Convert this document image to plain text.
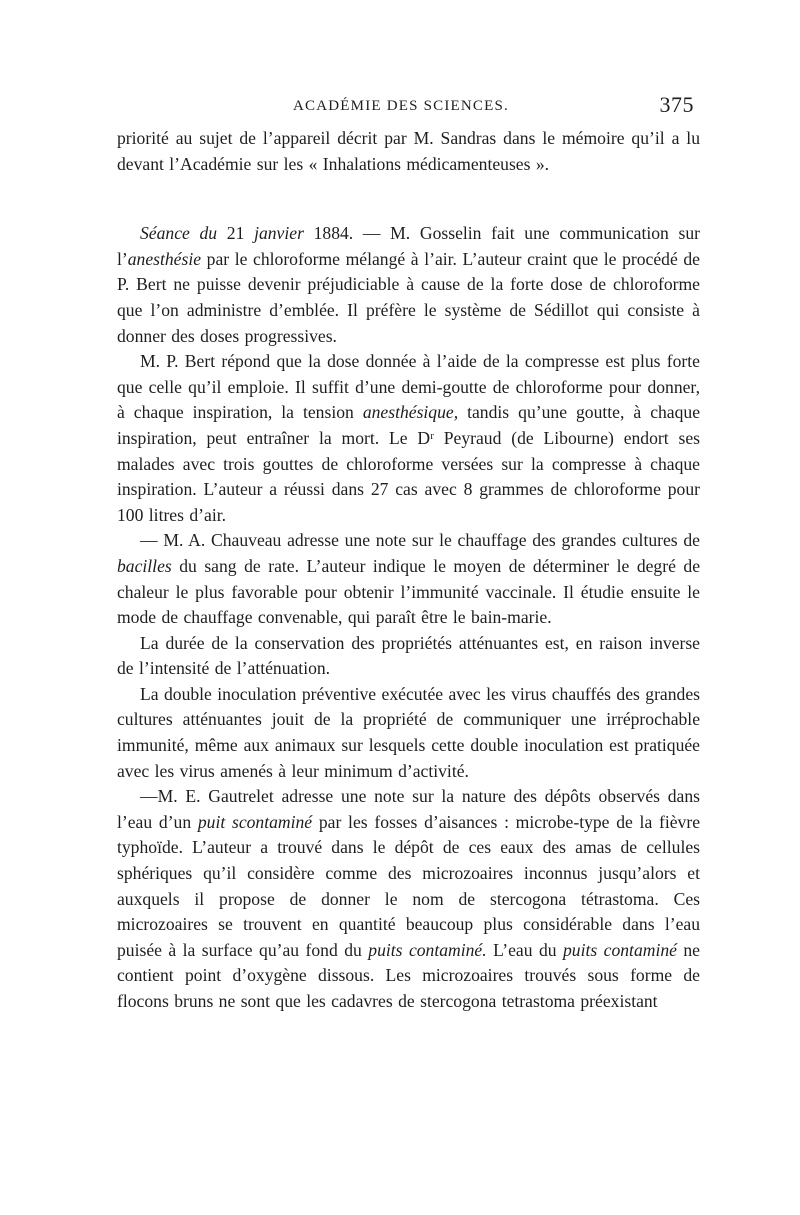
ACADÉMIE DES SCIENCES.	375

priorité au sujet de l’appareil décrit par M. Sandras dans le mémoire qu’il a lu devant l’Académie sur les « Inhalations médicamenteuses ».

Séance du 21 janvier 1884. — M. Gosselin fait une communication sur l’anesthésie par le chloroforme mélangé à l’air. L’auteur craint que le procédé de P. Bert ne puisse devenir préjudiciable à cause de la forte dose de chloroforme que l’on administre d’emblée. Il préfère le système de Sédillot qui consiste à donner des doses progressives.

M. P. Bert répond que la dose donnée à l’aide de la compresse est plus forte que celle qu’il emploie. Il suffit d’une demi-goutte de chloroforme pour donner, à chaque inspiration, la tension anesthésique, tandis qu’une goutte, à chaque inspiration, peut entraîner la mort. Le Dʳ Peyraud (de Libourne) endort ses malades avec trois gouttes de chloroforme versées sur la compresse à chaque inspiration. L’auteur a réussi dans 27 cas avec 8 grammes de chloroforme pour 100 litres d’air.

— M. A. Chauveau adresse une note sur le chauffage des grandes cultures de bacilles du sang de rate. L’auteur indique le moyen de déterminer le degré de chaleur le plus favorable pour obtenir l’immunité vaccinale. Il étudie ensuite le mode de chauffage convenable, qui paraît être le bain-marie.

La durée de la conservation des propriétés atténuantes est, en raison inverse de l’intensité de l’atténuation.

La double inoculation préventive exécutée avec les virus chauffés des grandes cultures atténuantes jouit de la propriété de communiquer une irréprochable immunité, même aux animaux sur lesquels cette double inoculation est pratiquée avec les virus amenés à leur minimum d’activité.

—M. E. Gautrelet adresse une note sur la nature des dépôts observés dans l’eau d’un puit scontaminé par les fosses d’aisances : microbe-type de la fièvre typhoïde. L’auteur a trouvé dans le dépôt de ces eaux des amas de cellules sphériques qu’il considère comme des microzoaires inconnus jusqu’alors et auxquels il propose de donner le nom de stercogona tétrastoma. Ces microzoaires se trouvent en quantité beaucoup plus considérable dans l’eau puisée à la surface qu’au fond du puits contaminé. L’eau du puits contaminé ne contient point d’oxygène dissous. Les microzoaires trouvés sous forme de flocons bruns ne sont que les cadavres de stercogona tetrastoma préexistant
